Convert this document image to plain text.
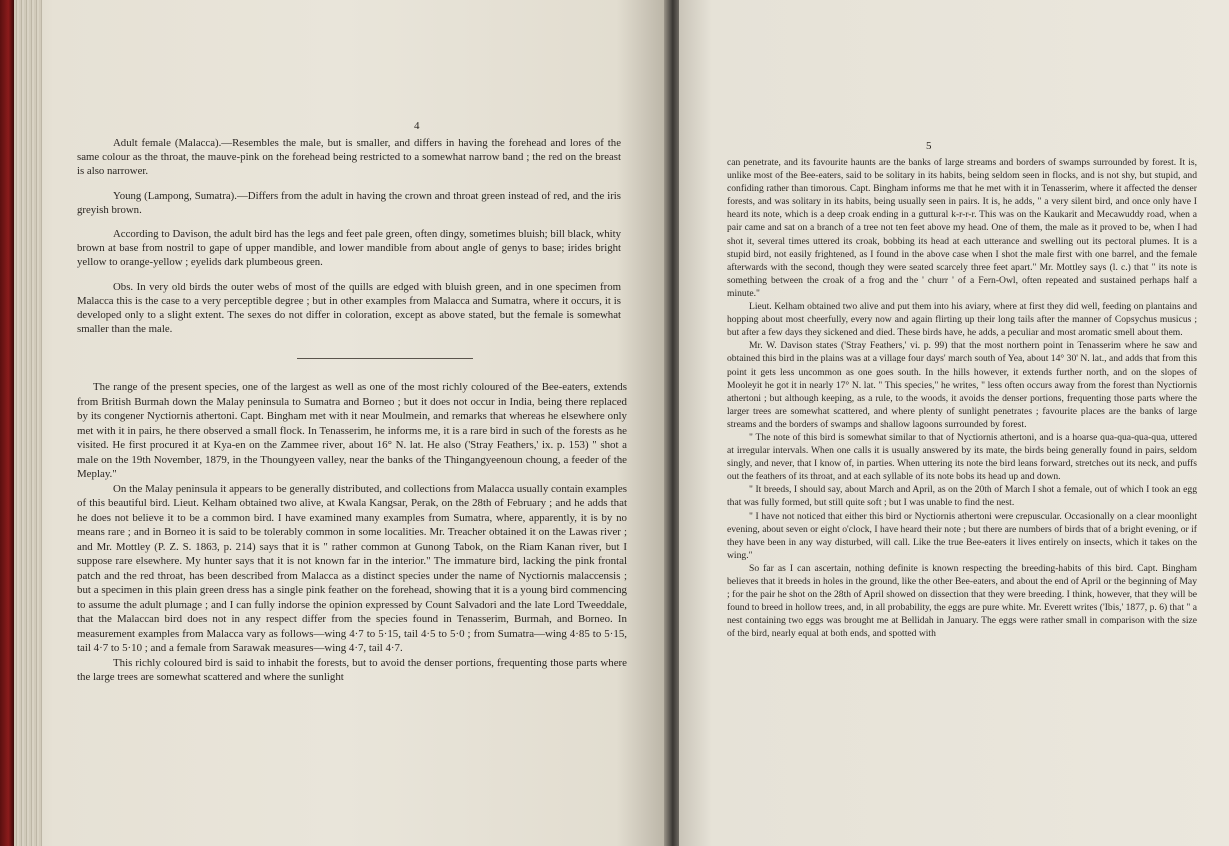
4

Adult female (Malacca).—Resembles the male, but is smaller, and differs in having the forehead and lores of the same colour as the throat, the mauve-pink on the forehead being restricted to a somewhat narrow band ; the red on the breast is also narrower.

Young (Lampong, Sumatra).—Differs from the adult in having the crown and throat green instead of red, and the iris greyish brown.

According to Davison, the adult bird has the legs and feet pale green, often dingy, sometimes bluish; bill black, whity brown at base from nostril to gape of upper mandible, and lower mandible from about angle of genys to base; irides bright yellow to orange-yellow ; eyelids dark plumbeous green.

Obs. In very old birds the outer webs of most of the quills are edged with bluish green, and in one specimen from Malacca this is the case to a very perceptible degree ; but in other examples from Malacca and Sumatra, where it occurs, it is developed only to a slight extent. The sexes do not differ in coloration, except as above stated, but the female is somewhat smaller than the male.

The range of the present species, one of the largest as well as one of the most richly coloured of the Bee-eaters, extends from British Burmah down the Malay peninsula to Sumatra and Borneo ; but it does not occur in India, being there replaced by its congener Nyctiornis athertoni. Capt. Bingham met with it near Moulmein, and remarks that whereas he elsewhere only met with it in pairs, he there observed a small flock. In Tenasserim, he informs me, it is a rare bird in such of the forests as he visited. He first procured it at Kya-en on the Zammee river, about 16° N. lat. He also ('Stray Feathers,' ix. p. 153) " shot a male on the 19th November, 1879, in the Thoungyeen valley, near the banks of the Thingangyeenoun choung, a feeder of the Meplay."

On the Malay peninsula it appears to be generally distributed, and collections from Malacca usually contain examples of this beautiful bird. Lieut. Kelham obtained two alive, at Kwala Kangsar, Perak, on the 28th of February ; and he adds that he does not believe it to be a common bird. I have examined many examples from Sumatra, where, apparently, it is by no means rare ; and in Borneo it is said to be tolerably common in some localities. Mr. Treacher obtained it on the Lawas river ; and Mr. Mottley (P. Z. S. 1863, p. 214) says that it is " rather common at Gunong Tabok, on the Riam Kanan river, but I suppose rare elsewhere. My hunter says that it is not known far in the interior." The immature bird, lacking the pink frontal patch and the red throat, has been described from Malacca as a distinct species under the name of Nyctiornis malaccensis ; but a specimen in this plain green dress has a single pink feather on the forehead, showing that it is a young bird commencing to assume the adult plumage ; and I can fully indorse the opinion expressed by Count Salvadori and the late Lord Tweeddale, that the Malaccan bird does not in any respect differ from the species found in Tenasserim, Burmah, and Borneo. In measurement examples from Malacca vary as follows—wing 4·7 to 5·15, tail 4·5 to 5·0 ; from Sumatra—wing 4·85 to 5·15, tail 4·7 to 5·10 ; and a female from Sarawak measures—wing 4·7, tail 4·7.

This richly coloured bird is said to inhabit the forests, but to avoid the denser portions, frequenting those parts where the large trees are somewhat scattered and where the sunlight

5

can penetrate, and its favourite haunts are the banks of large streams and borders of swamps surrounded by forest. It is, unlike most of the Bee-eaters, said to be solitary in its habits, being seldom seen in flocks, and is not shy, but stupid, and confiding rather than timorous. Capt. Bingham informs me that he met with it in Tenasserim, where it affected the denser forests, and was solitary in its habits, being usually seen in pairs. It is, he adds, " a very silent bird, and once only have I heard its note, which is a deep croak ending in a guttural k-r-r-r. This was on the Kaukarit and Mecawuddy road, when a pair came and sat on a branch of a tree not ten feet above my head. One of them, the male as it proved to be, when I had shot it, several times uttered its croak, bobbing its head at each utterance and swelling out its pectoral plumes. It is a stupid bird, not easily frightened, as I found in the above case when I shot the male first with one barrel, and the female afterwards with the second, though they were seated scarcely three feet apart." Mr. Mottley says (l. c.) that " its note is something between the croak of a frog and the ' churr ' of a Fern-Owl, often repeated and sustained perhaps half a minute."

Lieut. Kelham obtained two alive and put them into his aviary, where at first they did well, feeding on plantains and hopping about most cheerfully, every now and again flirting up their long tails after the manner of Copsychus musicus ; but after a few days they sickened and died. These birds have, he adds, a peculiar and most aromatic smell about them.

Mr. W. Davison states ('Stray Feathers,' vi. p. 99) that the most northern point in Tenasserim where he saw and obtained this bird in the plains was at a village four days' march south of Yea, about 14° 30' N. lat., and adds that from this point it gets less uncommon as one goes south. In the hills however, it extends further north, and on the slopes of Mooleyit he got it in nearly 17° N. lat. " This species," he writes, " less often occurs away from the forest than Nyctiornis athertoni ; but although keeping, as a rule, to the woods, it avoids the denser portions, frequenting those parts where the larger trees are somewhat scattered, and where plenty of sunlight penetrates ; favourite places are the banks of large streams and the borders of swamps and shallow lagoons surrounded by forest.

" The note of this bird is somewhat similar to that of Nyctiornis athertoni, and is a hoarse qua-qua-qua-qua, uttered at irregular intervals. When one calls it is usually answered by its mate, the birds being generally found in pairs, seldom singly, and never, that I know of, in parties. When uttering its note the bird leans forward, stretches out its neck, and puffs out the feathers of its throat, and at each syllable of its note bobs its head up and down.

" It breeds, I should say, about March and April, as on the 20th of March I shot a female, out of which I took an egg that was fully formed, but still quite soft ; but I was unable to find the nest.

" I have not noticed that either this bird or Nyctiornis athertoni were crepuscular. Occasionally on a clear moonlight evening, about seven or eight o'clock, I have heard their note ; but there are numbers of birds that of a bright evening, or if they have been in any way disturbed, will call. Like the true Bee-eaters it lives entirely on insects, which it takes on the wing."

So far as I can ascertain, nothing definite is known respecting the breeding-habits of this bird. Capt. Bingham believes that it breeds in holes in the ground, like the other Bee-eaters, and about the end of April or the beginning of May ; for the pair he shot on the 28th of April showed on dissection that they were breeding. I think, however, that they will be found to breed in hollow trees, and, in all probability, the eggs are pure white. Mr. Everett writes ('Ibis,' 1877, p. 6) that " a nest containing two eggs was brought me at Bellidah in January. The eggs were rather small in comparison with the size of the bird, nearly equal at both ends, and spotted with
